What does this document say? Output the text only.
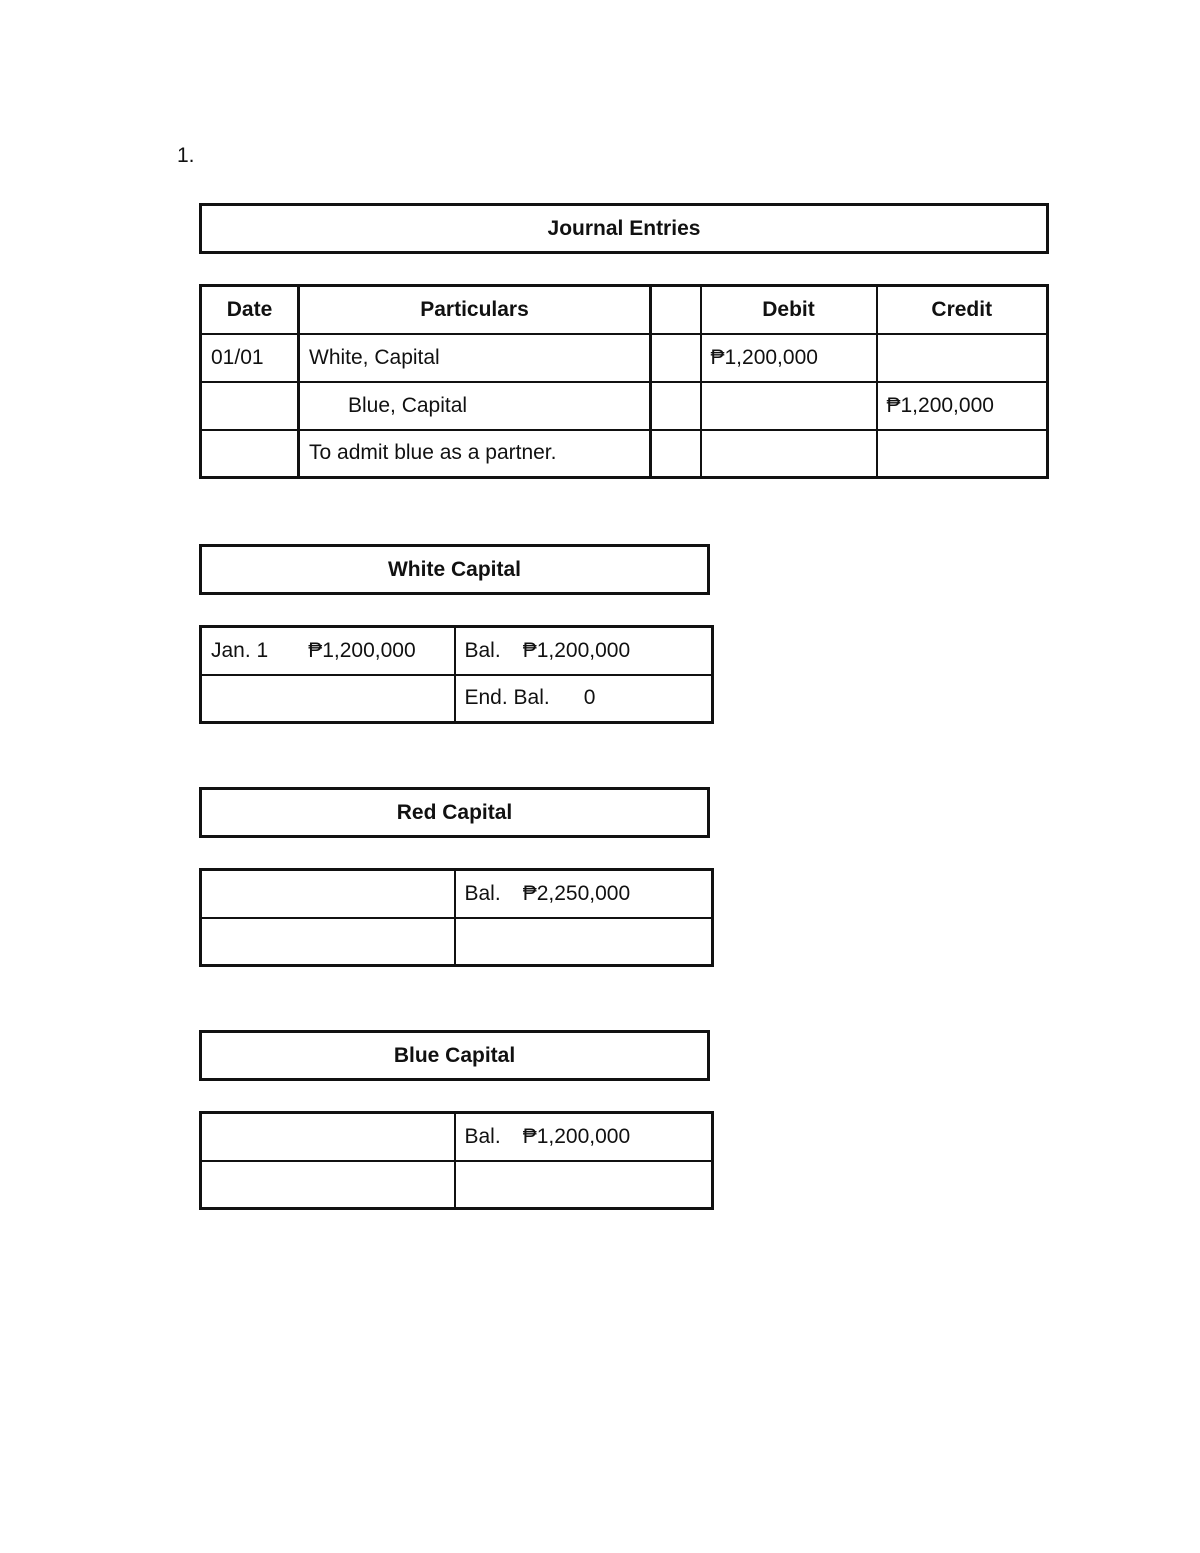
1.
Journal Entries
Date	Particulars		Debit	Credit
01/01	White, Capital		₱1,200,000	
	Blue, Capital			₱1,200,000
	To admit blue as a partner.			
White Capital
Jan. 1 ₱1,200,000	Bal. ₱1,200,000
	End. Bal. 0
Red Capital
	Bal. ₱2,250,000

Blue Capital
	Bal. ₱1,200,000
